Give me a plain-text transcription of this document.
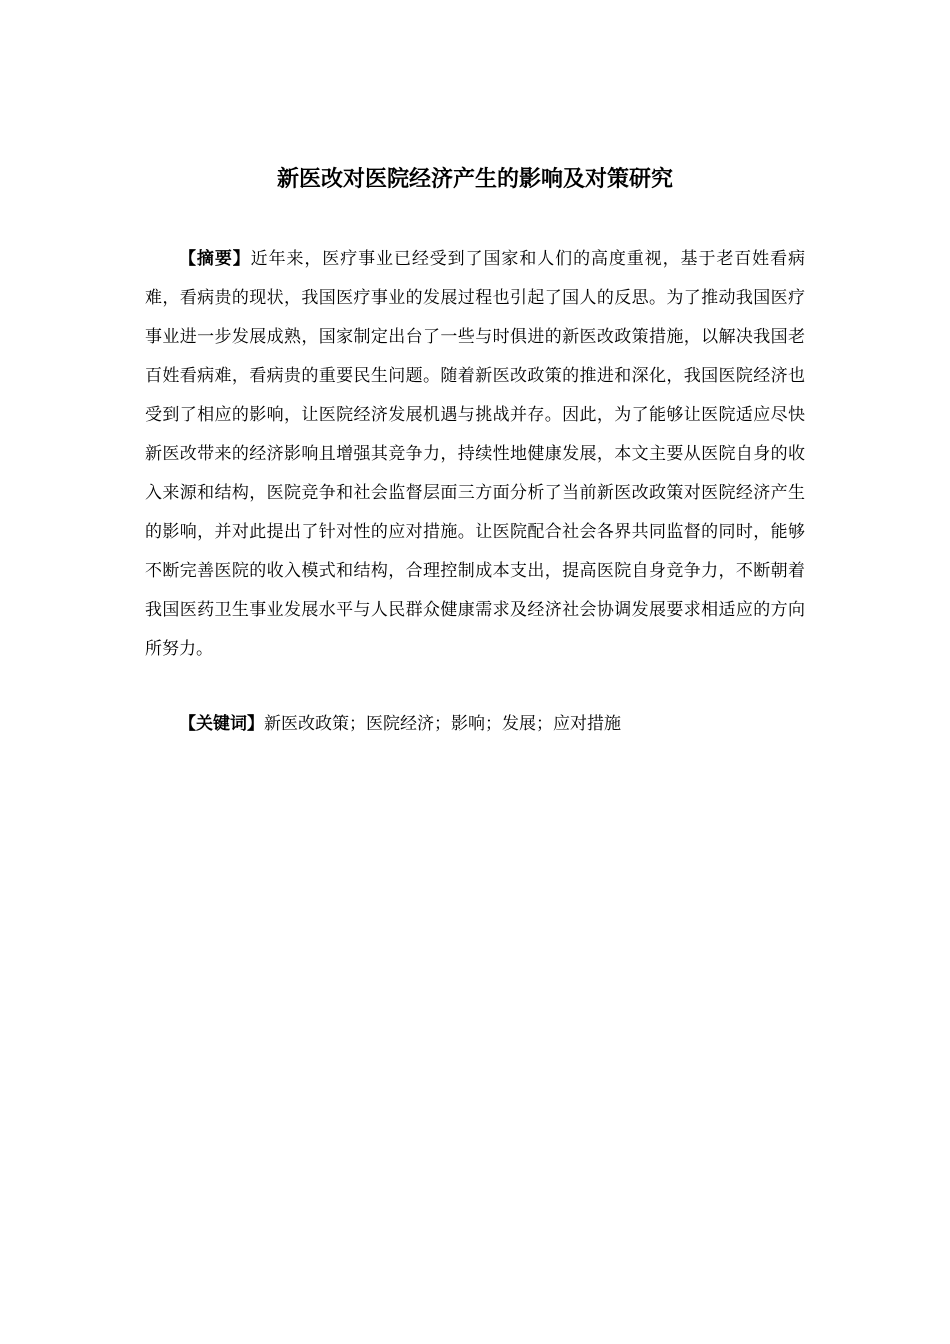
新医改对医院经济产生的影响及对策研究

【摘要】近年来，医疗事业已经受到了国家和人们的高度重视，基于老百姓看病难，看病贵的现状，我国医疗事业的发展过程也引起了国人的反思。为了推动我国医疗事业进一步发展成熟，国家制定出台了一些与时俱进的新医改政策措施，以解决我国老百姓看病难，看病贵的重要民生问题。随着新医改政策的推进和深化，我国医院经济也受到了相应的影响，让医院经济发展机遇与挑战并存。因此，为了能够让医院适应尽快新医改带来的经济影响且增强其竞争力，持续性地健康发展，本文主要从医院自身的收入来源和结构，医院竞争和社会监督层面三方面分析了当前新医改政策对医院经济产生的影响，并对此提出了针对性的应对措施。让医院配合社会各界共同监督的同时，能够不断完善医院的收入模式和结构，合理控制成本支出，提高医院自身竞争力，不断朝着我国医药卫生事业发展水平与人民群众健康需求及经济社会协调发展要求相适应的方向所努力。

【关键词】新医改政策；医院经济；影响；发展；应对措施
